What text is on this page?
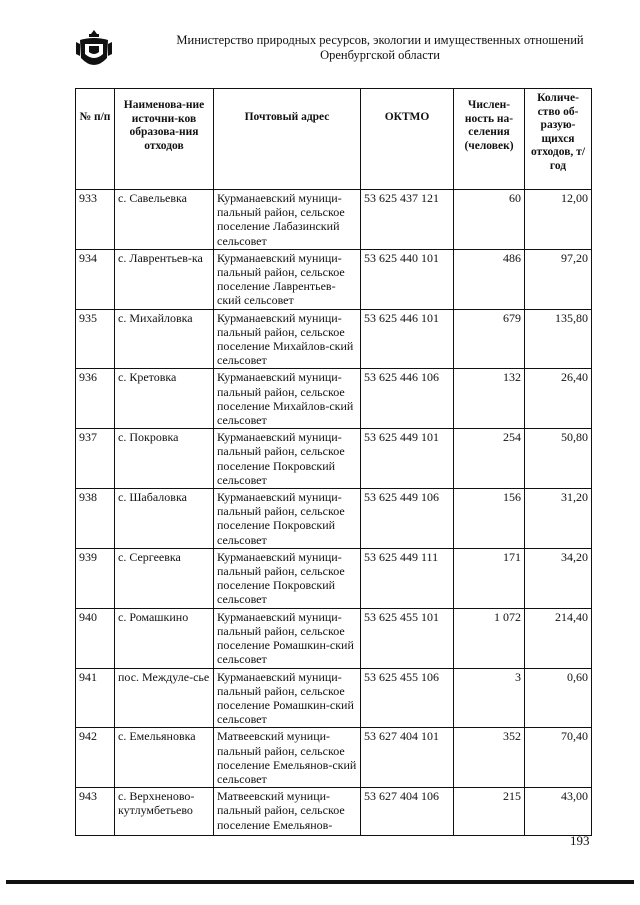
Министерство природных ресурсов, экологии и имущественных отношений
Оренбургской области
№ п/п	Наименова-ние источни-ков образова-ния отходов	Почтовый адрес	ОКТМО	Числен-ность на-селения (человек)	Количе-ство об-разую-щихся отходов, т/год
933	с. Савельевка	Курманаевский муници-пальный район, сельское поселение Лабазинский сельсовет	53 625 437 121	60	12,00
934	с. Лаврентьев-ка	Курманаевский муници-пальный район, сельское поселение Лаврентьев-ский сельсовет	53 625 440 101	486	97,20
935	с. Михайловка	Курманаевский муници-пальный район, сельское поселение Михайлов-ский сельсовет	53 625 446 101	679	135,80
936	с. Кретовка	Курманаевский муници-пальный район, сельское поселение Михайлов-ский сельсовет	53 625 446 106	132	26,40
937	с. Покровка	Курманаевский муници-пальный район, сельское поселение Покровский сельсовет	53 625 449 101	254	50,80
938	с. Шабаловка	Курманаевский муници-пальный район, сельское поселение Покровский сельсовет	53 625 449 106	156	31,20
939	с. Сергеевка	Курманаевский муници-пальный район, сельское поселение Покровский сельсовет	53 625 449 111	171	34,20
940	с. Ромашкино	Курманаевский муници-пальный район, сельское поселение Ромашкин-ский сельсовет	53 625 455 101	1 072	214,40
941	пос. Междуле-сье	Курманаевский муници-пальный район, сельское поселение Ромашкин-ский сельсовет	53 625 455 106	3	0,60
942	с. Емельяновка	Матвеевский муници-пальный район, сельское поселение Емельянов-ский сельсовет	53 627 404 101	352	70,40
943	с. Верхненово-кутлумбетьево	Матвеевский муници-пальный район, сельское поселение Емельянов-	53 627 404 106	215	43,00
193
